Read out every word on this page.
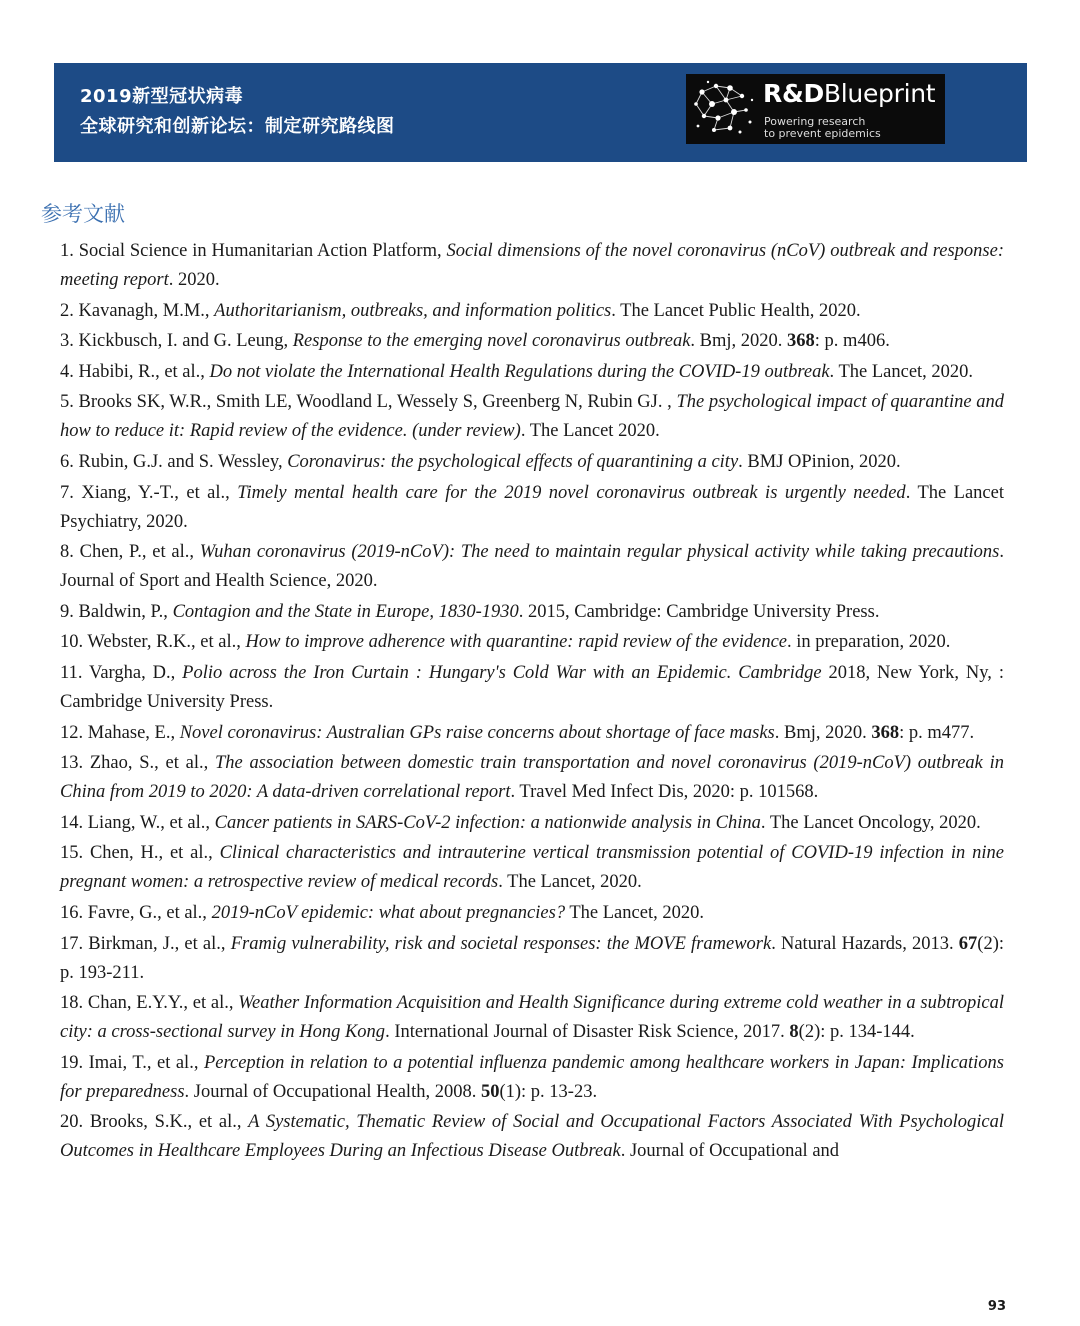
2019新型冠状病毒
全球研究和创新论坛：制定研究路线图
R&DBlueprint
Powering research
to prevent epidemics
参考文献
1. Social Science in Humanitarian Action Platform, Social dimensions of the novel coronavirus (nCoV) outbreak and response: meeting report. 2020.
2. Kavanagh, M.M., Authoritarianism, outbreaks, and information politics. The Lancet Public Health, 2020.
3. Kickbusch, I. and G. Leung, Response to the emerging novel coronavirus outbreak. Bmj, 2020. 368: p. m406.
4. Habibi, R., et al., Do not violate the International Health Regulations during the COVID-19 outbreak. The Lancet, 2020.
5. Brooks SK, W.R., Smith LE, Woodland L, Wessely S, Greenberg N, Rubin GJ. , The psychological impact of quarantine and how to reduce it: Rapid review of the evidence. (under review). The Lancet 2020.
6. Rubin, G.J. and S. Wessley, Coronavirus: the psychological effects of quarantining a city. BMJ OPinion, 2020.
7. Xiang, Y.-T., et al., Timely mental health care for the 2019 novel coronavirus outbreak is urgently needed. The Lancet Psychiatry, 2020.
8. Chen, P., et al., Wuhan coronavirus (2019-nCoV): The need to maintain regular physical activity while taking precautions. Journal of Sport and Health Science, 2020.
9. Baldwin, P., Contagion and the State in Europe, 1830-1930. 2015, Cambridge: Cambridge University Press.
10. Webster, R.K., et al., How to improve adherence with quarantine: rapid review of the evidence. in preparation, 2020.
11. Vargha, D., Polio across the Iron Curtain : Hungary's Cold War with an Epidemic. Cambridge 2018, New York, Ny, : Cambridge University Press.
12. Mahase, E., Novel coronavirus: Australian GPs raise concerns about shortage of face masks. Bmj, 2020. 368: p. m477.
13. Zhao, S., et al., The association between domestic train transportation and novel coronavirus (2019-nCoV) outbreak in China from 2019 to 2020: A data-driven correlational report. Travel Med Infect Dis, 2020: p. 101568.
14. Liang, W., et al., Cancer patients in SARS-CoV-2 infection: a nationwide analysis in China. The Lancet Oncology, 2020.
15. Chen, H., et al., Clinical characteristics and intrauterine vertical transmission potential of COVID-19 infection in nine pregnant women: a retrospective review of medical records. The Lancet, 2020.
16. Favre, G., et al., 2019-nCoV epidemic: what about pregnancies? The Lancet, 2020.
17. Birkman, J., et al., Framig vulnerability, risk and societal responses: the MOVE framework. Natural Hazards, 2013. 67(2): p. 193-211.
18. Chan, E.Y.Y., et al., Weather Information Acquisition and Health Significance during extreme cold weather in a subtropical city: a cross-sectional survey in Hong Kong. International Journal of Disaster Risk Science, 2017. 8(2): p. 134-144.
19. Imai, T., et al., Perception in relation to a potential influenza pandemic among healthcare workers in Japan: Implications for preparedness. Journal of Occupational Health, 2008. 50(1): p. 13-23.
20. Brooks, S.K., et al., A Systematic, Thematic Review of Social and Occupational Factors Associated With Psychological Outcomes in Healthcare Employees During an Infectious Disease Outbreak. Journal of Occupational and
93
